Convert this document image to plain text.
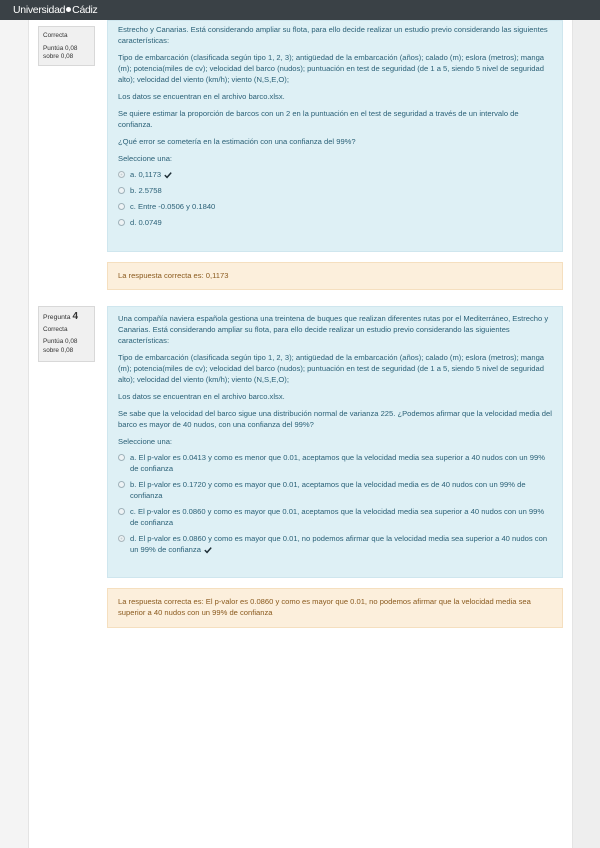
Universidad Cádiz
Correcta
Puntúa 0,08 sobre 0,08

Estrecho y Canarias. Está considerando ampliar su flota, para ello decide realizar un estudio previo considerando las siguientes características:

Tipo de embarcación (clasificada según tipo 1, 2, 3); antigüedad de la embarcación (años); calado (m); eslora (metros); manga (m); potencia(miles de cv); velocidad del barco (nudos); puntuación en test de seguridad (de 1 a 5, siendo 5 nivel de seguridad alto); velocidad del viento (km/h); viento (N,S,E,O);

Los datos se encuentran en el archivo barco.xlsx.

Se quiere estimar la proporción de barcos con un 2 en la puntuación en el test de seguridad a través de un intervalo de confianza.

¿Qué error se cometería en la estimación con una confianza del 99%?

Seleccione una:
a. 0,1173
b. 2.5758
c. Entre -0.0506 y 0.1840
d. 0.0749
La respuesta correcta es: 0,1173
Pregunta 4
Correcta
Puntúa 0,08 sobre 0,08

Una compañía naviera española gestiona una treintena de buques que realizan diferentes rutas por el Mediterráneo, Estrecho y Canarias. Está considerando ampliar su flota, para ello decide realizar un estudio previo considerando las siguientes características:

Tipo de embarcación (clasificada según tipo 1, 2, 3); antigüedad de la embarcación (años); calado (m); eslora (metros); manga (m); potencia(miles de cv); velocidad del barco (nudos); puntuación en test de seguridad (de 1 a 5, siendo 5 nivel de seguridad alto); velocidad del viento (km/h); viento (N,S,E,O);

Los datos se encuentran en el archivo barco.xlsx.

Se sabe que la velocidad del barco sigue una distribución normal de varianza 225. ¿Podemos afirmar que la velocidad media del barco es mayor de 40 nudos, con una confianza del 99%?

Seleccione una:
a. El p-valor es 0.0413 y como es menor que 0.01, aceptamos que la velocidad media sea superior a 40 nudos con un 99% de confianza
b. El p-valor es 0.1720 y como es mayor que 0.01, aceptamos que la velocidad media es de 40 nudos con un 99% de confianza
c. El p-valor es 0.0860 y como es mayor que 0.01, aceptamos que la velocidad media sea superior a 40 nudos con un 99% de confianza
d. El p-valor es 0.0860 y como es mayor que 0.01, no podemos afirmar que la velocidad media sea superior a 40 nudos con un 99% de confianza
La respuesta correcta es: El p-valor es 0.0860 y como es mayor que 0.01, no podemos afirmar que la velocidad media sea superior a 40 nudos con un 99% de confianza
